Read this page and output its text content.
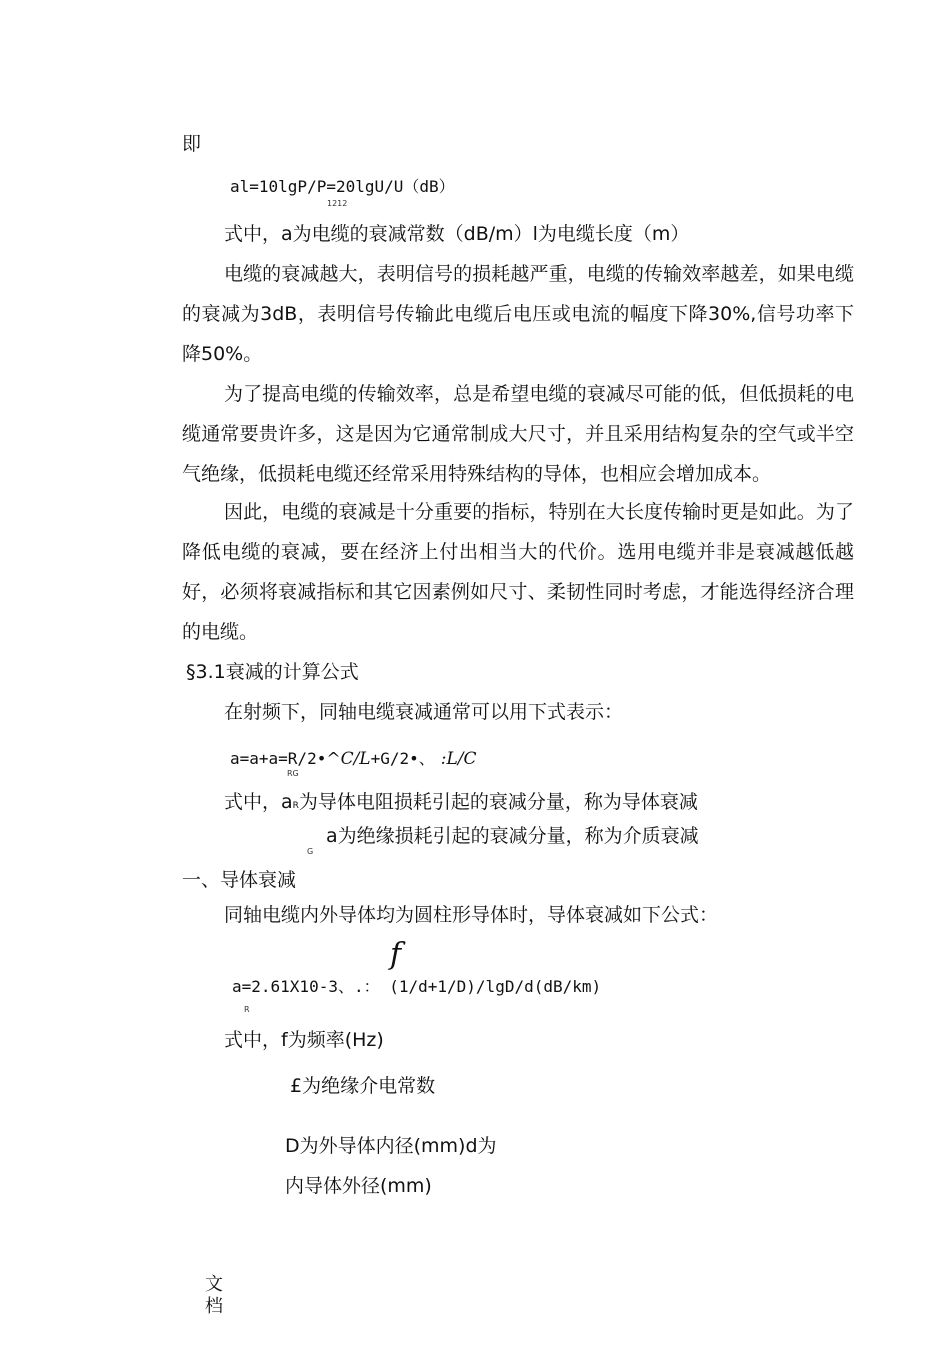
即
al=10lgP/P=20lgU/U（dB）
1212
式中，a为电缆的衰减常数（dB/m）l为电缆长度（m）
电缆的衰减越大，表明信号的损耗越严重，电缆的传输效率越差，如果电缆的衰减为3dB，表明信号传输此电缆后电压或电流的幅度下降30%,信号功率下降50%。
为了提高电缆的传输效率，总是希望电缆的衰减尽可能的低，但低损耗的电缆通常要贵许多，这是因为它通常制成大尺寸，并且采用结构复杂的空气或半空气绝缘，低损耗电缆还经常采用特殊结构的导体，也相应会增加成本。
因此，电缆的衰减是十分重要的指标，特别在大长度传输时更是如此。为了降低电缆的衰减，要在经济上付出相当大的代价。选用电缆并非是衰减越低越好，必须将衰减指标和其它因素例如尺寸、柔韧性同时考虑，才能选得经济合理的电缆。
§3.1衰减的计算公式
在射频下，同轴电缆衰减通常可以用下式表示：
a=a+a=R/2•^C/L+G/2•、 :L/C
RG
式中，aR为导体电阻损耗引起的衰减分量，称为导体衰减
a为绝缘损耗引起的衰减分量，称为介质衰减
G
一、导体衰减
同轴电缆内外导体均为圆柱形导体时，导体衰减如下公式：
f
a=2.61X10-3、.： (1/d+1/D)/lgD/d(dB/km)
R
式中，f为频率(Hz)
£为绝缘介电常数
D为外导体内径(mm)d为
内导体外径(mm)
文
档
